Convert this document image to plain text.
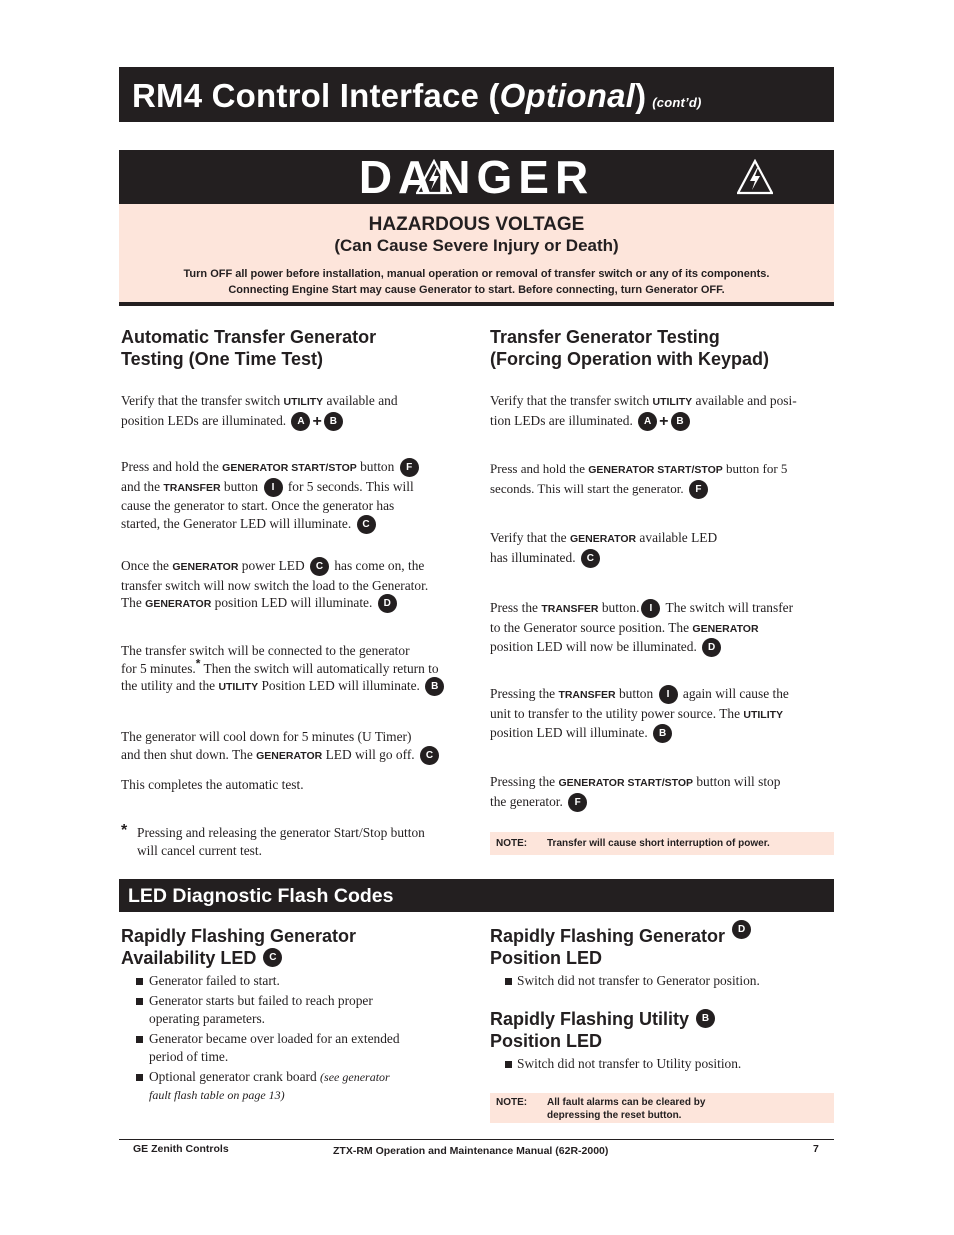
RM4 Control Interface (Optional) (cont’d)
DANGER
HAZARDOUS VOLTAGE
(Can Cause Severe Injury or Death)
Turn OFF all power before installation, manual operation or removal of transfer switch or any of its components.
Connecting Engine Start may cause Generator to start. Before connecting, turn Generator OFF.
Automatic Transfer Generator
Testing (One Time Test)

Verify that the transfer switch UTILITY available and
position LEDs are illuminated. A + B

Press and hold the GENERATOR START/STOP button F
and the TRANSFER button I for 5 seconds. This will
cause the generator to start. Once the generator has
started, the Generator LED will illuminate. C

Once the GENERATOR power LED C has come on, the
transfer switch will now switch the load to the Generator.
The GENERATOR position LED will illuminate. D

The transfer switch will be connected to the generator
for 5 minutes.* Then the switch will automatically return to
the utility and the UTILITY Position LED will illuminate. B

The generator will cool down for 5 minutes (U Timer)
and then shut down. The GENERATOR LED will go off. C

This completes the automatic test.

* Pressing and releasing the generator Start/Stop button
will cancel current test.

Transfer Generator Testing
(Forcing Operation with Keypad)

Verify that the transfer switch UTILITY available and posi-
tion LEDs are illuminated. A + B

Press and hold the GENERATOR START/STOP button for 5
seconds. This will start the generator. F

Verify that the GENERATOR available LED
has illuminated. C

Press the TRANSFER button. I The switch will transfer
to the Generator source position. The GENERATOR
position LED will now be illuminated. D

Pressing the TRANSFER button I again will cause the
unit to transfer to the utility power source. The UTILITY
position LED will illuminate. B

Pressing the GENERATOR START/STOP button will stop
the generator. F

NOTE: Transfer will cause short interruption of power.
LED Diagnostic Flash Codes
Rapidly Flashing Generator
Availability LED C
Generator failed to start.
Generator starts but failed to reach proper
operating parameters.
Generator became over loaded for an extended
period of time.
Optional generator crank board (see generator
fault flash table on page 13)
Rapidly Flashing Generator D
Position LED
Switch did not transfer to Generator position.
Rapidly Flashing Utility B
Position LED
Switch did not transfer to Utility position.
NOTE: All fault alarms can be cleared by
depressing the reset button.
GE Zenith Controls	ZTX-RM Operation and Maintenance Manual (62R-2000)	7
